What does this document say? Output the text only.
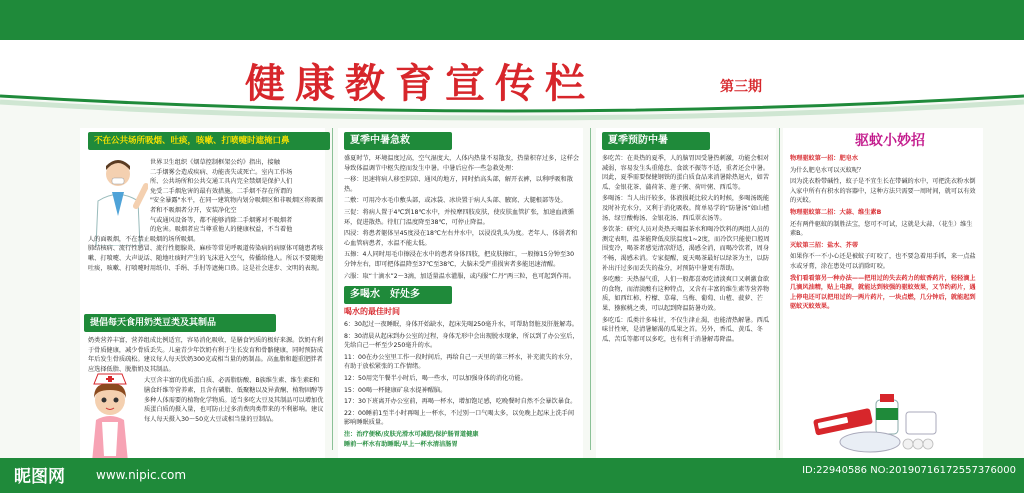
健康教育宣传栏	第三期
不在公共场所吸烟、吐痰，咳嗽、打喷嚏时遮掩口鼻
世界卫生组织《烟草控制框架公约》指出，接触
二手烟雾会造成疾病、功能丧失或死亡。室内工作场
所、公共场所和公共交通工具内完全禁烟是保护人们
免受二手烟危害的最有效措施。二手烟不存在所谓的
"安全暴露"水平，在同一建筑物内划分吸烟区和非吸烟区将吸烟者和不吸烟者分开，安装净化空
气或通风设备等，都不能够消除二手烟雾对不吸烟者
的危害。吸烟者应当尊重他人的健康权益，不当着他
人的面吸烟，不在禁止吸烟的场所吸烟。
肺结核病、流行性感冒、流行性腮腺炎、麻疹等常见呼吸道传染病的病原体可随患者咳嗽、打喷嚏、大声说话、随地吐痰时产生的飞沫进入空气，传播给他人。所以不要随地吐痰，咳嗽、打喷嚏时用纸巾、手绢、手肘等遮掩口鼻。这是社会进步、文明的表现。
提倡每天食用奶类豆类及其制品

奶类营养丰富，营养组成比例适宜，容易消化吸收，是膳食钙质的极好来源。饮奶有利于骨质健康，减少骨质丢失。儿童青少年饮奶有利于生长发育和骨骼健康，同时预防成年后发生骨质疏松。建议每人每天饮奶300克或相当量的奶制品。高血脂和超重肥胖者应选择低脂、脱脂奶及其制品。

大豆含丰富的优质蛋白质、必需脂肪酸、B族维生素、维生素E和膳食纤维等营养素，且含有磷脂、低聚糖以及异黄酮、植物固醇等多种人体需要的植物化学物质。适当多吃大豆及其制品可以增加优质蛋白质的摄入量，也可防止过多消费肉类带来的不利影响。建议每人每天摄入30～50克大豆或相当量的豆制品。

夏季中暑急救

盛夏时节，环境温度过高，空气湿度大，人体内热量不易散发，热量积存过多，这样会导致体温调节中枢失控而发生中暑。中暑后应作一些急救处理：

一移：迅速将病人移至阴凉、通风的地方，同时抬高头部，解开衣裤，以利呼吸和散热。

二敷：可用冷水毛巾敷头部，或冰袋、冰块置于病人头部、腋窝、大腿根部等处。

三促：将病人置于4℃到18℃水中，并按摩四肢皮肤，使皮肤血管扩张，加速血液循环，促进散热。待肛门温度降至38℃，可停止降温。

四浸：将患者躯体呈45度浸在18℃左右井水中，以浸没乳头为度。老年人、体弱者和心血管病患者，水温不能太低。

五擦：4人同时用毛巾擦浸在水中的患者身体四肢，把皮肤擦红，一般擦15分钟至30分钟左右，即可把体温降至37℃至38℃，大脑未受严重损害者多能迅速清醒。

六服：取“十滴水”2～3滴，加适量温水灌服，或内服“仁丹”两三粒，也可起到作用。

多喝水　好处多
喝水的最佳时间

6：30起过一夜睡眠，身体开始缺水，起床先喝250毫升水，可帮助肾脏及肝脏解毒。

8：30清晨从起床到办公室的过程，身体无形中会出现脱水现象，所以到了办公室后，先给自己一杯至少250毫升的水。

11：00在办公室里工作一段时间后，再给自己一天里的第三杯水，补充流失的水分，有助于放松紧张的工作情绪。

12：50用完午餐半小时后，喝一些水，可以加强身体的消化功能。

15：00喝一杯健康矿泉水提神醒脑。

17：30下班离开办公室前，再喝一杯水，增加饱足感，吃晚餐时自然不会暴饮暴食。

22：00睡前1至半小时再喝上一杯水，不过别一口气喝太多，以免晚上起床上洗手间影响睡眠质量。

注：治疗便秘/皮肤光滑水可减肥/保护肠胃道健康
睡前一杯水有助睡眠/早上一杯水清洁肠胃
夏季预防中暑

多吃苦：在炎热的夏季，人的脑胃因受暑热刺激，功能会相对减弱，容易发生头重倦怠、食欲不振等不适，重者还会中暑。因此，夏季需要保健钢铁的蛋白质食品来消暑除热退火，如苦瓜、金银花茶、蒲荷茶、莲子粥、荷叶粥、西瓜等。

多喝汤：当人出汗较多，体液损耗比较大的时候，多喝汤既能及时补充水分，又利于消化吸收。简单易学的“防暑汤”如山楂汤、绿豆酸梅汤、金银花汤、西瓜翠衣汤等。

多饮茶：研究人员对炎热天喝温茶水和喝冷饮料的两组人员的测定表明，温茶能降低皮肤温度1~2度，而冷饮只能使口腔周围变冷，喝茶者感觉清凉舒适，渴感全消，而喝冷饮者，周身不畅，渴感未消。专家提醒，夏天喝茶最好以绿茶为主，以防补出汗过多而丢失的盐分，对预防中暑更有帮助。

多吃酸：天热湿气重，人们一般都喜欢吃清淡爽口又刺激食欲的食物，而清淡酸有这种特点，又含有丰富的维生素等营养物质，如西红柿、柠檬、草莓、乌梅、葡萄、山楂、菠萝、芒果、猕猴桃之类，可以起到降温防暑功效。

多吃瓜：瓜类汁多味甘，不仅生津止渴，也能清热解暑。西瓜味甘性寒，是清暑解渴的瓜果之首。另外，香瓜、黄瓜、冬瓜、苦瓜等都可以多吃，也有利于消暑解毒降温。

驱蚊小妙招

物理驱蚊第一招：肥皂水

为什么肥皂水可以灭蚊呢？

因为洗衣粉带碱性，蚊子是不宜生长在带碱的水中，可把洗衣粉水倒入家中所有有积水的容器中，这种方法只需要一周时间，就可以有效的灭蚊。

物理驱蚊第二招：大蒜、维生素B

还有两件驱蚊的制胜法宝，您可不可试，这就是大蒜、（花生）维生素B。

灭蚊第三招：盐水、芥蒂

如果你不一不小心还是被蚊子叮咬了，也不要急着用手抓，来一点盐水或牙膏，涂在患处可以消除叮咬。

我们看看第另一种办法——把用过的失去药力的蚊香药片，轻轻滴上几滴风油精，贴上电源，就能达到较强的驱蚊效果，又节约药片，遇上停电还可以把用过的一两片药片，一块点燃，几分钟后，就能起到驱蚊灭蚊效果。

昵图网	www.nipic.com	ID:22940586 NO:20190716172557376000
